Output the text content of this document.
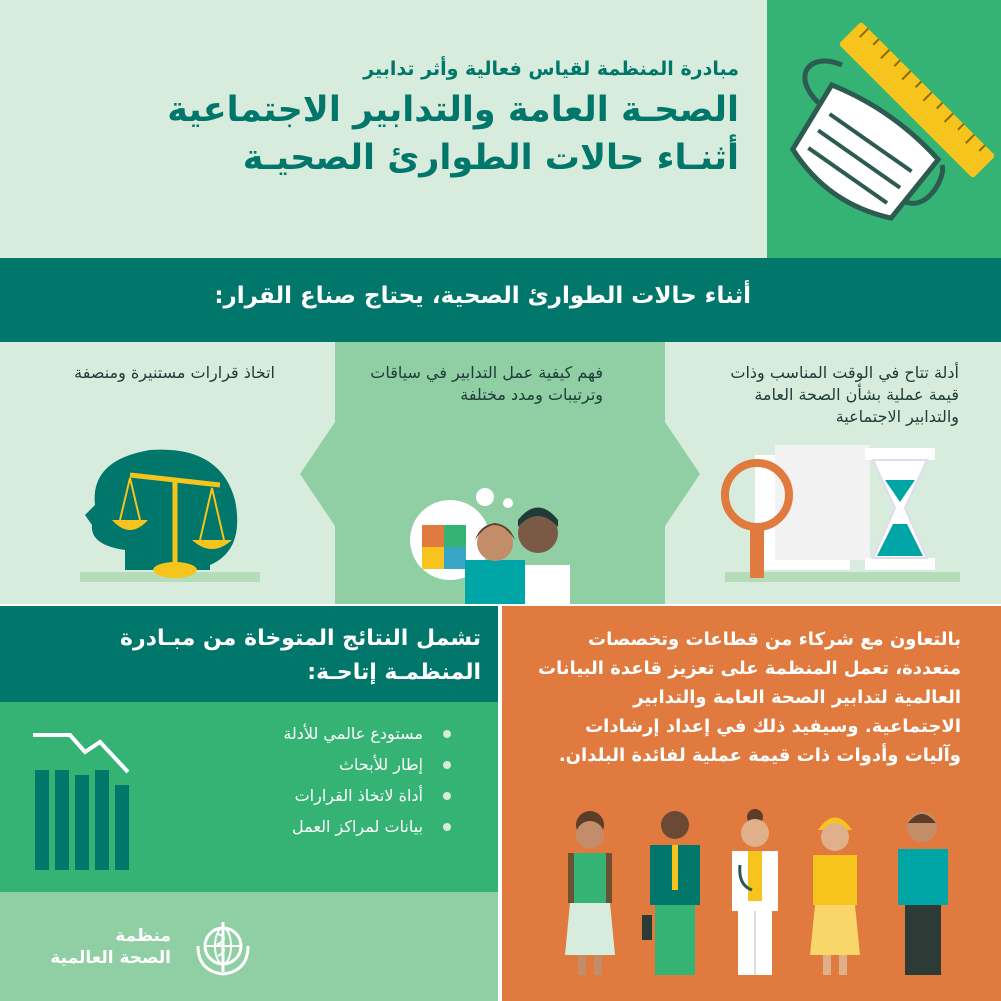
مبادرة المنظمة لقياس فعالية وأثر تدابير
الصحـة العامة والتدابير الاجتماعية
أثنـاء حالات الطوارئ الصحيـة
أثناء حالات الطوارئ الصحية، يحتاج صناع القرار:
أدلة تتاح في الوقت المناسب وذات قيمة عملية بشأن الصحة العامة والتدابير الاجتماعية
فهم كيفية عمل التدابير في سياقات وترتيبات ومدد مختلفة
اتخاذ قرارات مستنيرة ومنصفة
تشمل النتائج المتوخاة من مبـادرة المنظمـة إتاحـة:
مستودع عالمي للأدلة
إطار للأبحاث
أداة لاتخاذ القرارات
بيانات لمراكز العمل
منظمة
الصحة العالمية
بالتعاون مع شركاء من قطاعات وتخصصات متعددة، تعمل المنظمة على تعزيز قاعدة البيانات العالمية لتدابير الصحة العامة والتدابير الاجتماعية. وسيفيد ذلك في إعداد إرشادات وآليات وأدوات ذات قيمة عملية لفائدة البلدان.
